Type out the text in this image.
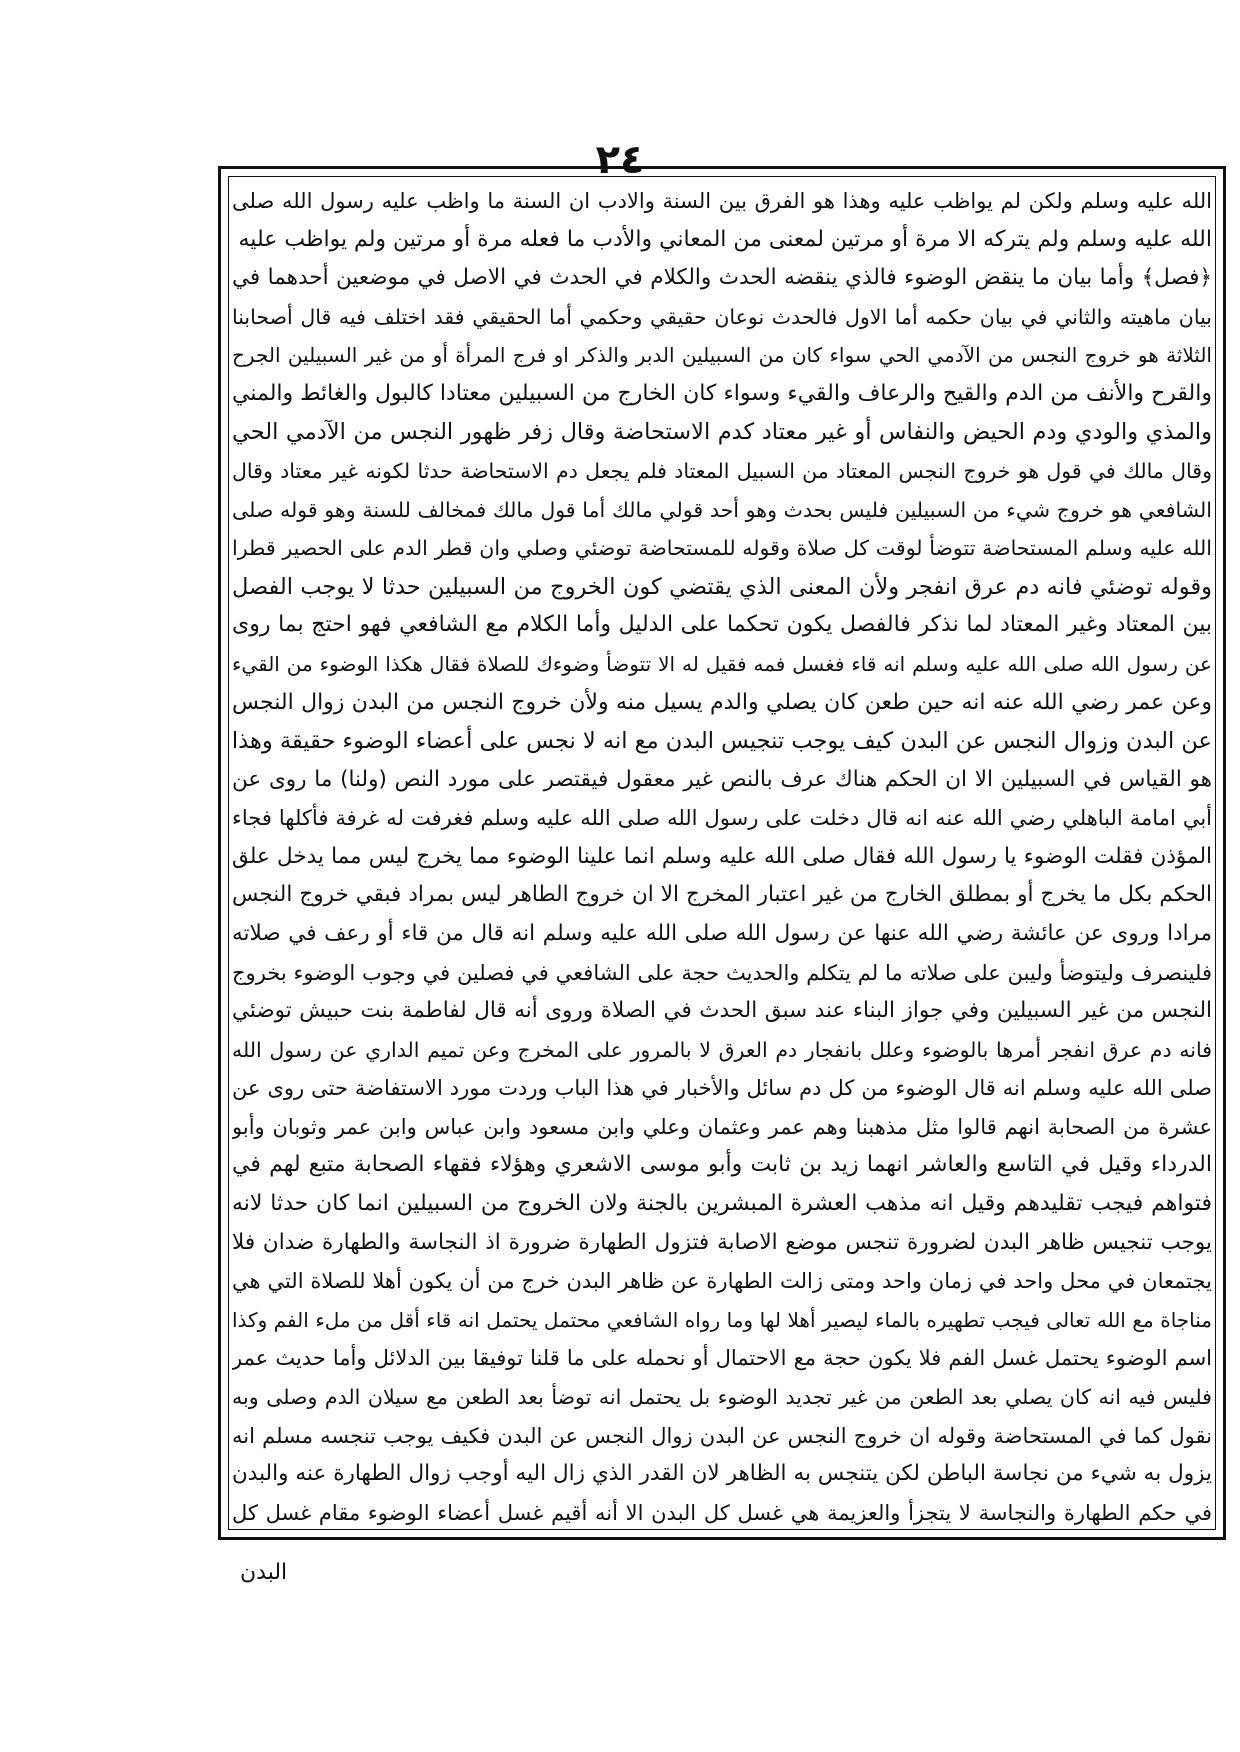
٢٤
الله عليه وسلم ولكن لم يواظب عليه وهذا هو الفرق بين السنة والادب ان السنة ما واظب عليه رسول الله صلى
الله عليه وسلم ولم يتركه الا مرة أو مرتين لمعنى من المعاني والأدب ما فعله مرة أو مرتين ولم يواظب عليه
﴿فصل﴾ وأما بيان ما ينقض الوضوء فالذي ينقضه الحدث والكلام في الحدث في الاصل في موضعين أحدهما في
بيان ماهيته والثاني في بيان حكمه أما الاول فالحدث نوعان حقيقي وحكمي أما الحقيقي فقد اختلف فيه قال أصحابنا
الثلاثة هو خروج النجس من الآدمي الحي سواء كان من السبيلين الدبر والذكر او فرج المرأة أو من غير السبيلين الجرح
والقرح والأنف من الدم والقيح والرعاف والقيء وسواء كان الخارج من السبيلين معتادا كالبول والغائط والمني
والمذي والودي ودم الحيض والنفاس أو غير معتاد كدم الاستحاضة وقال زفر ظهور النجس من الآدمي الحي
وقال مالك في قول هو خروج النجس المعتاد من السبيل المعتاد فلم يجعل دم الاستحاضة حدثا لكونه غير معتاد وقال
الشافعي هو خروج شيء من السبيلين فليس بحدث وهو أحد قولي مالك أما قول مالك فمخالف للسنة وهو قوله صلى
الله عليه وسلم المستحاضة تتوضأ لوقت كل صلاة وقوله للمستحاضة توضئي وصلي وان قطر الدم على الحصير قطرا
وقوله توضئي فانه دم عرق انفجر ولأن المعنى الذي يقتضي كون الخروج من السبيلين حدثا لا يوجب الفصل
بين المعتاد وغير المعتاد لما نذكر فالفصل يكون تحكما على الدليل وأما الكلام مع الشافعي فهو احتج بما روى
عن رسول الله صلى الله عليه وسلم انه قاء فغسل فمه فقيل له الا تتوضأ وضوءك للصلاة فقال هكذا الوضوء من القيء
وعن عمر رضي الله عنه انه حين طعن كان يصلي والدم يسيل منه ولأن خروج النجس من البدن زوال النجس
عن البدن وزوال النجس عن البدن كيف يوجب تنجيس البدن مع انه لا نجس على أعضاء الوضوء حقيقة وهذا
هو القياس في السبيلين الا ان الحكم هناك عرف بالنص غير معقول فيقتصر على مورد النص (ولنا) ما روى عن
أبي امامة الباهلي رضي الله عنه انه قال دخلت على رسول الله صلى الله عليه وسلم فغرفت له غرفة فأكلها فجاء
المؤذن فقلت الوضوء يا رسول الله فقال صلى الله عليه وسلم انما علينا الوضوء مما يخرج ليس مما يدخل علق
الحكم بكل ما يخرج أو بمطلق الخارج من غير اعتبار المخرج الا ان خروج الطاهر ليس بمراد فبقي خروج النجس
مرادا وروى عن عائشة رضي الله عنها عن رسول الله صلى الله عليه وسلم انه قال من قاء أو رعف في صلاته
فلينصرف وليتوضأ وليبن على صلاته ما لم يتكلم والحديث حجة على الشافعي في فصلين في وجوب الوضوء بخروج
النجس من غير السبيلين وفي جواز البناء عند سبق الحدث في الصلاة وروى أنه قال لفاطمة بنت حبيش توضئي
فانه دم عرق انفجر أمرها بالوضوء وعلل بانفجار دم العرق لا بالمرور على المخرج وعن تميم الداري عن رسول الله
صلى الله عليه وسلم انه قال الوضوء من كل دم سائل والأخبار في هذا الباب وردت مورد الاستفاضة حتى روى عن
عشرة من الصحابة انهم قالوا مثل مذهبنا وهم عمر وعثمان وعلي وابن مسعود وابن عباس وابن عمر وثوبان وأبو
الدرداء وقيل في التاسع والعاشر انهما زيد بن ثابت وأبو موسى الاشعري وهؤلاء فقهاء الصحابة متبع لهم في
فتواهم فيجب تقليدهم وقيل انه مذهب العشرة المبشرين بالجنة ولان الخروج من السبيلين انما كان حدثا لانه
يوجب تنجيس ظاهر البدن لضرورة تنجس موضع الاصابة فتزول الطهارة ضرورة اذ النجاسة والطهارة ضدان فلا
يجتمعان في محل واحد في زمان واحد ومتى زالت الطهارة عن ظاهر البدن خرج من أن يكون أهلا للصلاة التي هي
مناجاة مع الله تعالى فيجب تطهيره بالماء ليصير أهلا لها وما رواه الشافعي محتمل يحتمل انه قاء أقل من ملء الفم وكذا
اسم الوضوء يحتمل غسل الفم فلا يكون حجة مع الاحتمال أو نحمله على ما قلنا توفيقا بين الدلائل وأما حديث عمر
فليس فيه انه كان يصلي بعد الطعن من غير تجديد الوضوء بل يحتمل انه توضأ بعد الطعن مع سيلان الدم وصلى وبه
نقول كما في المستحاضة وقوله ان خروج النجس عن البدن زوال النجس عن البدن فكيف يوجب تنجسه مسلم انه
يزول به شيء من نجاسة الباطن لكن يتنجس به الظاهر لان القدر الذي زال اليه أوجب زوال الطهارة عنه والبدن
في حكم الطهارة والنجاسة لا يتجزأ والعزيمة هي غسل كل البدن الا أنه أقيم غسل أعضاء الوضوء مقام غسل كل
البدن
